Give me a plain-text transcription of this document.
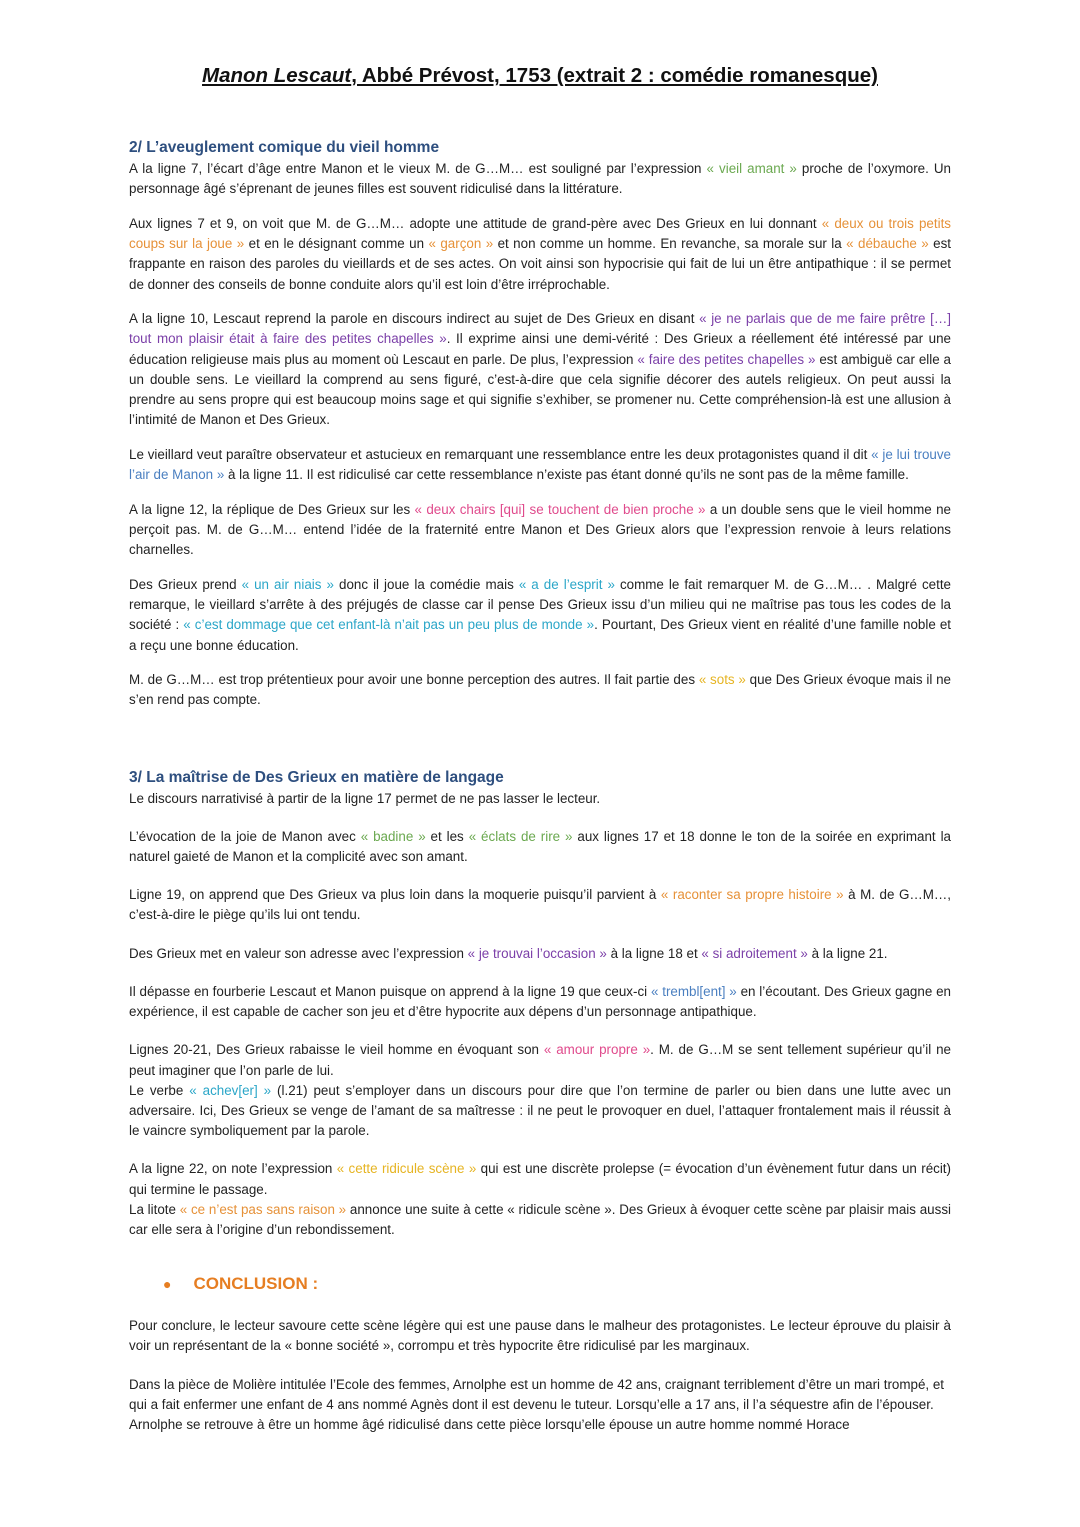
Manon Lescaut, Abbé Prévost, 1753 (extrait 2 : comédie romanesque)
2/ L’aveuglement comique du vieil homme

A la ligne 7, l’écart d’âge entre Manon et le vieux M. de G…M… est souligné par l’expression « vieil amant » proche de l’oxymore. Un personnage âgé s’éprenant de jeunes filles est souvent ridiculisé dans la littérature.

Aux lignes 7 et 9, on voit que M. de G…M… adopte une attitude de grand-père avec Des Grieux en lui donnant « deux ou trois petits coups sur la joue » et en le désignant comme un « garçon » et non comme un homme. En revanche, sa morale sur la « débauche » est frappante en raison des paroles du vieillards et de ses actes. On voit ainsi son hypocrisie qui fait de lui un être antipathique : il se permet de donner des conseils de bonne conduite alors qu’il est loin d’être irréprochable.

A la ligne 10, Lescaut reprend la parole en discours indirect au sujet de Des Grieux en disant « je ne parlais que de me faire prêtre […] tout mon plaisir était à faire des petites chapelles ». Il exprime ainsi une demi-vérité : Des Grieux a réellement été intéressé par une éducation religieuse mais plus au moment où Lescaut en parle. De plus, l’expression « faire des petites chapelles » est ambiguë car elle a un double sens. Le vieillard la comprend au sens figuré, c’est-à-dire que cela signifie décorer des autels religieux. On peut aussi la prendre au sens propre qui est beaucoup moins sage et qui signifie s’exhiber, se promener nu. Cette compréhension-là est une allusion à l’intimité de Manon et Des Grieux.

Le vieillard veut paraître observateur et astucieux en remarquant une ressemblance entre les deux protagonistes quand il dit « je lui trouve l’air de Manon » à la ligne 11. Il est ridiculisé car cette ressemblance n’existe pas étant donné qu’ils ne sont pas de la même famille.

A la ligne 12, la réplique de Des Grieux sur les « deux chairs [qui] se touchent de bien proche » a un double sens que le vieil homme ne perçoit pas. M. de G…M… entend l’idée de la fraternité entre Manon et Des Grieux alors que l’expression renvoie à leurs relations charnelles.

Des Grieux prend « un air niais » donc il joue la comédie mais « a de l’esprit » comme le fait remarquer M. de G…M… . Malgré cette remarque, le vieillard s’arrête à des préjugés de classe car il pense Des Grieux issu d’un milieu qui ne maîtrise pas tous les codes de la société : « c’est dommage que cet enfant-là n’ait pas un peu plus de monde ». Pourtant, Des Grieux vient en réalité d’une famille noble et a reçu une bonne éducation.

M. de G…M… est trop prétentieux pour avoir une bonne perception des autres. Il fait partie des « sots » que Des Grieux évoque mais il ne s’en rend pas compte.

3/ La maîtrise de Des Grieux en matière de langage

Le discours narrativisé à partir de la ligne 17 permet de ne pas lasser le lecteur.

L’évocation de la joie de Manon avec « badine » et les « éclats de rire » aux lignes 17 et 18 donne le ton de la soirée en exprimant la naturel gaieté de Manon et la complicité avec son amant.

Ligne 19, on apprend que Des Grieux va plus loin dans la moquerie puisqu’il parvient à « raconter sa propre histoire » à M. de G…M…, c’est-à-dire le piège qu’ils lui ont tendu.

Des Grieux met en valeur son adresse avec l’expression « je trouvai l’occasion » à la ligne 18 et « si adroitement » à la ligne 21.

Il dépasse en fourberie Lescaut et Manon puisque on apprend à la ligne 19 que ceux-ci « trembl[ent] » en l’écoutant. Des Grieux gagne en expérience, il est capable de cacher son jeu et d’être hypocrite aux dépens d’un personnage antipathique.

Lignes 20-21, Des Grieux rabaisse le vieil homme en évoquant son « amour propre ». M. de G…M se sent tellement supérieur qu’il ne peut imaginer que l’on parle de lui.

Le verbe « achev[er] » (l.21) peut s’employer dans un discours pour dire que l’on termine de parler ou bien dans une lutte avec un adversaire. Ici, Des Grieux se venge de l’amant de sa maîtresse : il ne peut le provoquer en duel, l’attaquer frontalement mais il réussit à le vaincre symboliquement par la parole.

A la ligne 22, on note l’expression « cette ridicule scène » qui est une discrète prolepse (= évocation d’un évènement futur dans un récit) qui termine le passage.

La litote « ce n’est pas sans raison » annonce une suite à cette « ridicule scène ». Des Grieux à évoquer cette scène par plaisir mais aussi car elle sera à l’origine d’un rebondissement.

● CONCLUSION :

Pour conclure, le lecteur savoure cette scène légère qui est une pause dans le malheur des protagonistes. Le lecteur éprouve du plaisir à voir un représentant de la « bonne société », corrompu et très hypocrite être ridiculisé par les marginaux.

Dans la pièce de Molière intitulée l’Ecole des femmes, Arnolphe est un homme de 42 ans, craignant terriblement d’être un mari trompé, et qui a fait enfermer une enfant de 4 ans nommé Agnès dont il est devenu le tuteur. Lorsqu’elle a 17 ans, il l’a séquestre afin de l’épouser. Arnolphe se retrouve à être un homme âgé ridiculisé dans cette pièce lorsqu’elle épouse un autre homme nommé Horace
